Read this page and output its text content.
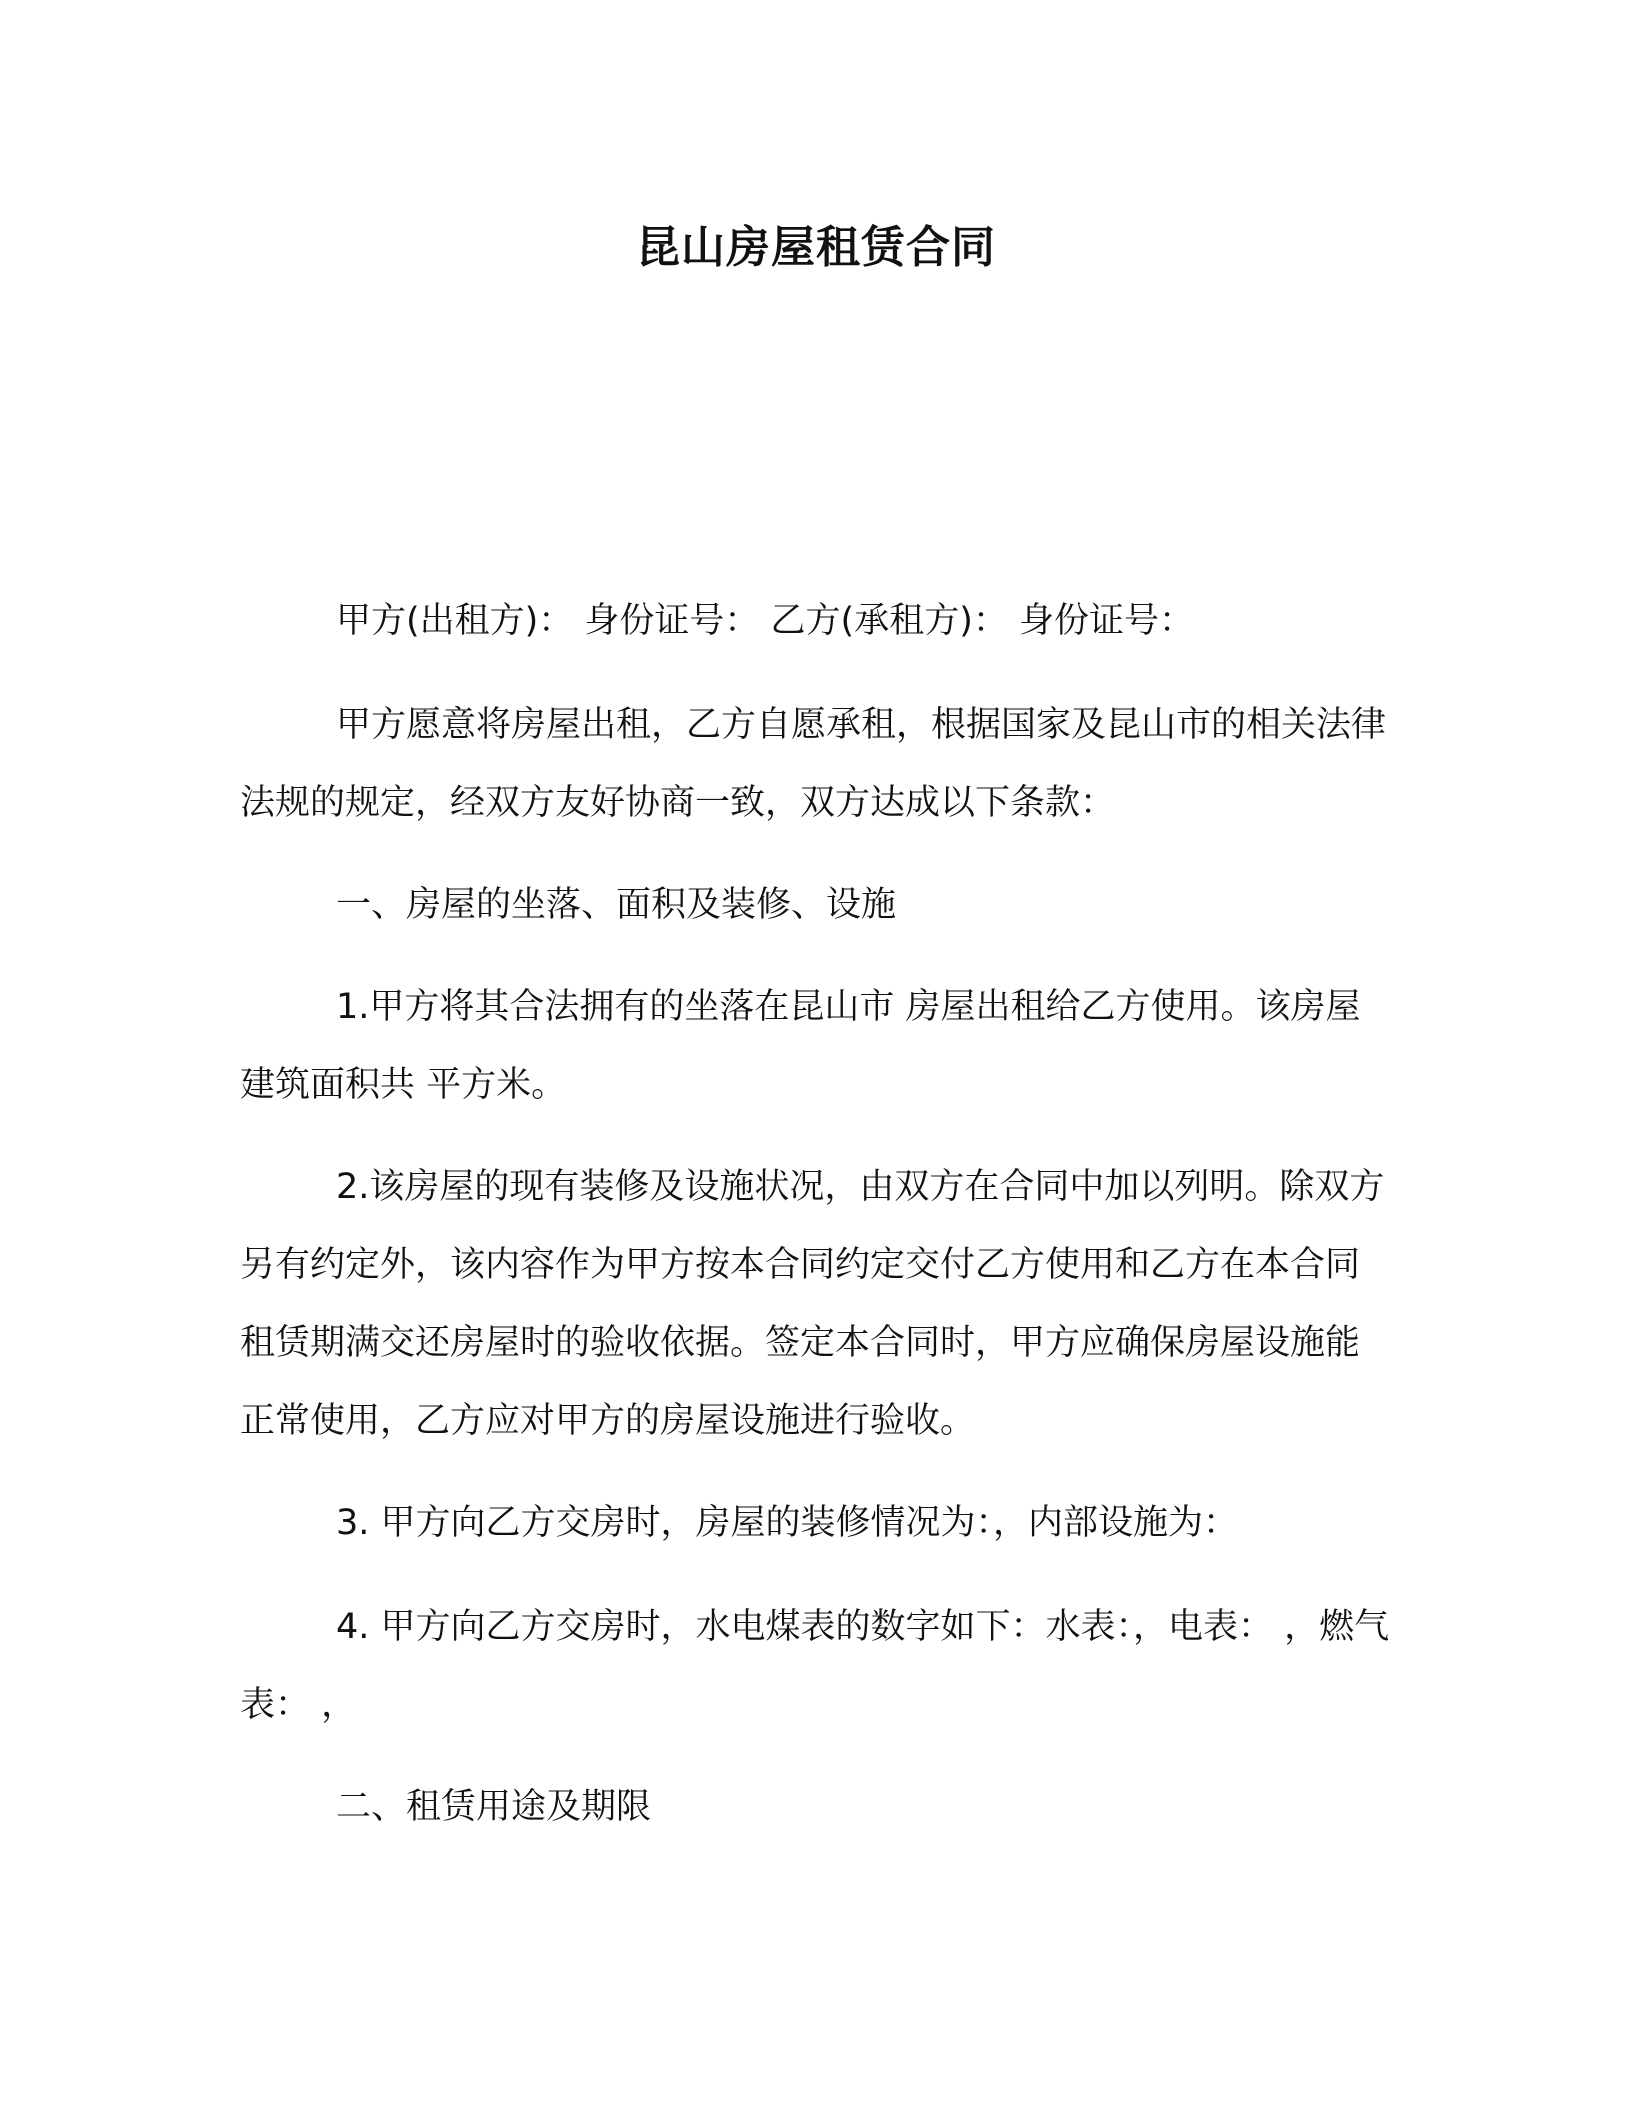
昆山房屋租赁合同

甲方(出租方)： 身份证号： 乙方(承租方)： 身份证号：

甲方愿意将房屋出租，乙方自愿承租，根据国家及昆山市的相关法律法规的规定，经双方友好协商一致，双方达成以下条款：

一、房屋的坐落、面积及装修、设施

1.甲方将其合法拥有的坐落在昆山市 房屋出租给乙方使用。该房屋建筑面积共 平方米。

2.该房屋的现有装修及设施状况，由双方在合同中加以列明。除双方另有约定外，该内容作为甲方按本合同约定交付乙方使用和乙方在本合同租赁期满交还房屋时的验收依据。签定本合同时，甲方应确保房屋设施能正常使用，乙方应对甲方的房屋设施进行验收。

3. 甲方向乙方交房时，房屋的装修情况为：，内部设施为：

4. 甲方向乙方交房时，水电煤表的数字如下：水表：，电表： ，燃气表： ，

二、租赁用途及期限
